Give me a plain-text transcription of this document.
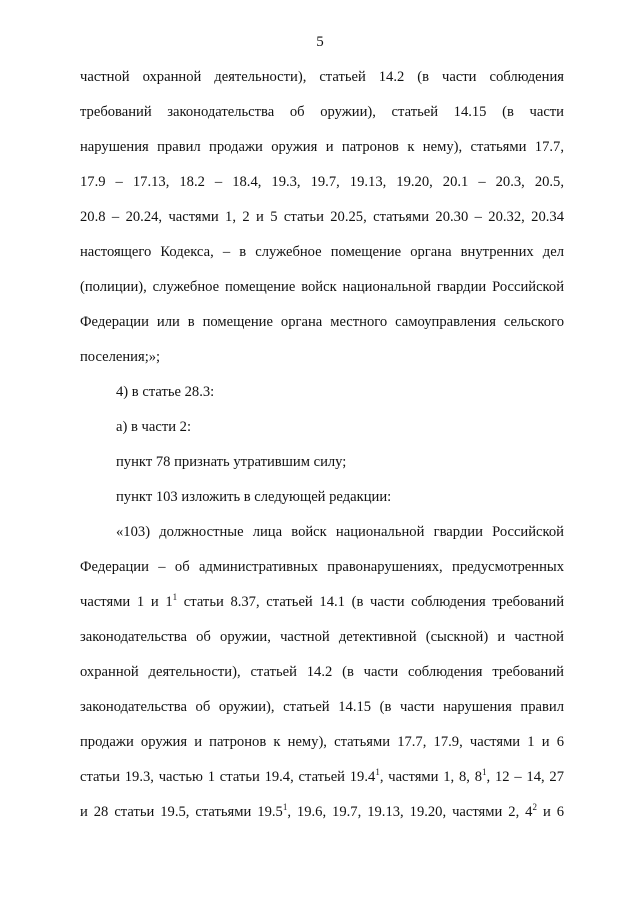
5
частной охранной деятельности), статьей 14.2 (в части соблюдения
требований законодательства об оружии), статьей 14.15 (в части
нарушения правил продажи оружия и патронов к нему), статьями 17.7,
17.9 – 17.13, 18.2 – 18.4, 19.3, 19.7, 19.13, 19.20, 20.1 – 20.3, 20.5,
20.8 – 20.24, частями 1, 2 и 5 статьи 20.25, статьями 20.30 – 20.32, 20.34
настоящего Кодекса, – в служебное помещение органа внутренних дел
(полиции), служебное помещение войск национальной гвардии Российской
Федерации или в помещение органа местного самоуправления сельского
поселения;»;
4) в статье 28.3:
а) в части 2:
пункт 78 признать утратившим силу;
пункт 103 изложить в следующей редакции:
«103) должностные лица войск национальной гвардии Российской
Федерации – об административных правонарушениях, предусмотренных
частями 1 и $1^1$ статьи 8.37, статьей 14.1 (в части соблюдения требований
законодательства об оружии, частной детективной (сыскной) и частной
охранной деятельности), статьей 14.2 (в части соблюдения требований
законодательства об оружии), статьей 14.15 (в части нарушения правил
продажи оружия и патронов к нему), статьями 17.7, 17.9, частями 1 и 6
статьи 19.3, частью 1 статьи 19.4, статьей 19.4$^1$, частями 1, 8, $8^1$, 12 – 14, 27
и 28 статьи 19.5, статьями 19.5$^1$, 19.6, 19.7, 19.13, 19.20, частями 2, $4^2$ и 6
